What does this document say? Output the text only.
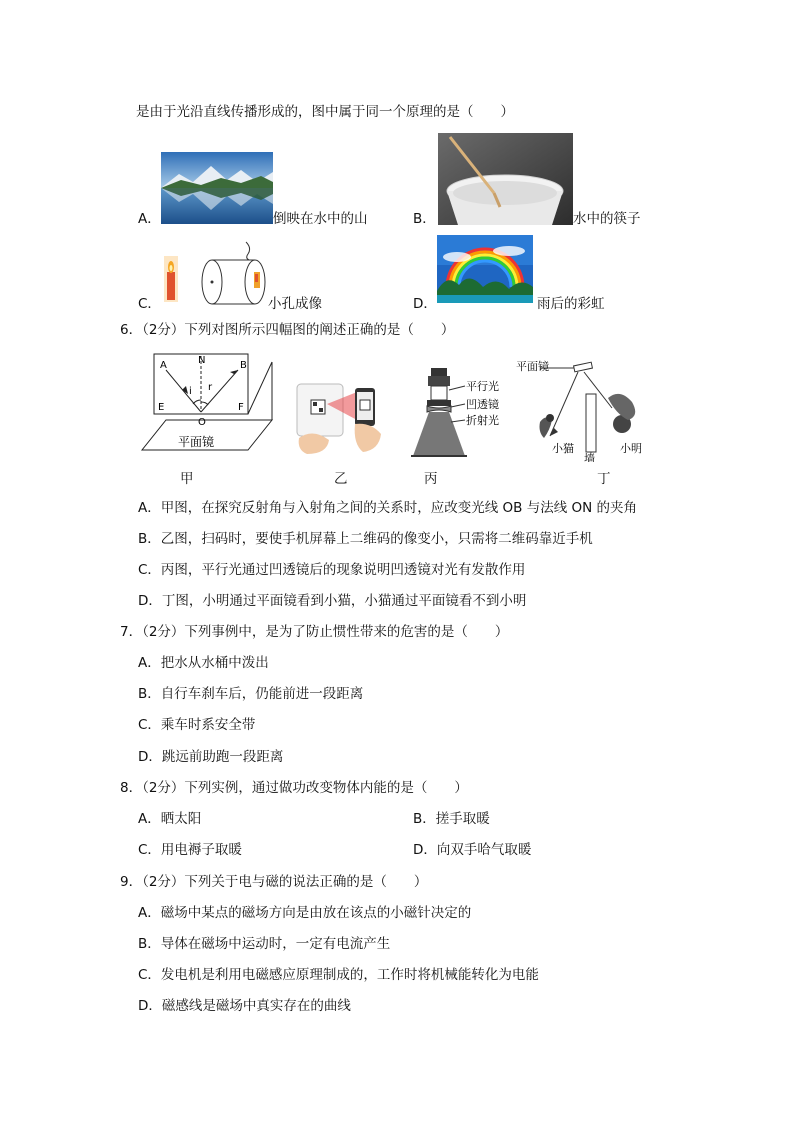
是由于光沿直线传播形成的，图中属于同一个原理的是（　　）
A．	倒映在水中的山	B．	水中的筷子
C．	小孔成像	D．	雨后的彩虹
6．（2分）下列对图所示四幅图的阐述正确的是（　　）
A	N	B
i r
E
O
F
平面镜
甲	乙
平行光
凹透镜
折射光
丙
平面镜
小猫
墙
小明
丁
A．甲图，在探究反射角与入射角之间的关系时，应改变光线 OB 与法线 ON 的夹角
B．乙图，扫码时，要使手机屏幕上二维码的像变小，只需将二维码靠近手机
C．丙图，平行光通过凹透镜后的现象说明凹透镜对光有发散作用
D．丁图，小明通过平面镜看到小猫，小猫通过平面镜看不到小明
7．（2分）下列事例中，是为了防止惯性带来的危害的是（　　）
A．把水从水桶中泼出
B．自行车刹车后，仍能前进一段距离
C．乘车时系安全带
D．跳远前助跑一段距离
8．（2分）下列实例，通过做功改变物体内能的是（　　）
A．晒太阳	B．搓手取暖
C．用电褥子取暖	D．向双手哈气取暖
9．（2分）下列关于电与磁的说法正确的是（　　）
A．磁场中某点的磁场方向是由放在该点的小磁针决定的
B．导体在磁场中运动时，一定有电流产生
C．发电机是利用电磁感应原理制成的，工作时将机械能转化为电能
D．磁感线是磁场中真实存在的曲线
